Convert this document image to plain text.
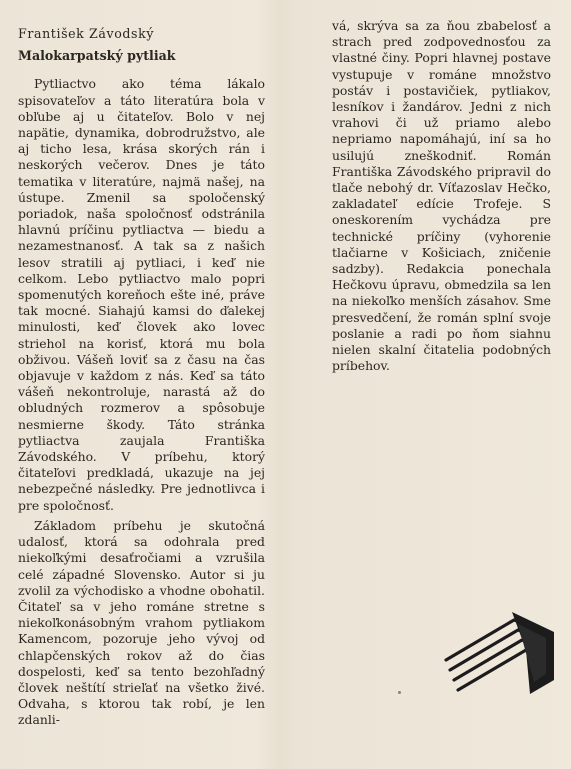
František Závodský

Malokarpatský pytliak

Pytliactvo ako téma lákalo spisovateľov a táto literatúra bola v obľube aj u čitateľov. Bolo v nej napätie, dynamika, dobrodružstvo, ale aj ticho lesa, krása skorých rán i neskorých večerov. Dnes je táto tematika v literatúre, najmä našej, na ústupe. Zmenil sa spoločenský poriadok, naša spoločnosť odstránila hlavnú príčinu pytliactva — biedu a nezamestnanosť. A tak sa z našich lesov stratili aj pytliaci, i keď nie celkom. Lebo pytliactvo malo popri spomenutých koreňoch ešte iné, práve tak mocné. Siahajú kamsi do ďalekej minulosti, keď človek ako lovec striehol na korisť, ktorá mu bola obživou. Vášeň loviť sa z času na čas objavuje v každom z nás. Keď sa táto vášeň nekontroluje, narastá až do obludných rozmerov a spôsobuje nesmierne škody. Táto stránka pytliactva zaujala Františka Závodského. V príbehu, ktorý čitateľovi predkladá, ukazuje na jej nebezpečné následky. Pre jednotlivca i pre spoločnosť.

Základom príbehu je skutočná udalosť, ktorá sa odohrala pred niekoľkými desaťročiami a vzrušila celé západné Slovensko. Autor si ju zvolil za východisko a vhodne obohatil. Čitateľ sa v jeho románe stretne s niekoľkonásobným vrahom pytliakom Kamencom, pozoruje jeho vývoj od chlapčenských rokov až do čias dospelosti, keď sa tento bezohľadný človek neštítí strieľať na všetko živé. Odvaha, s ktorou tak robí, je len zdanli-

vá, skrýva sa za ňou zbabelosť a strach pred zodpovednosťou za vlastné činy. Popri hlavnej postave vystupuje v románe množstvo postáv i postavičiek, pytliakov, lesníkov i žandárov. Jedni z nich vrahovi či už priamo alebo nepriamo napomáhajú, iní sa ho usilujú zneškodniť. Román Františka Závodského pripravil do tlače nebohý dr. Víťazoslav Hečko, zakladateľ edície Trofeje. S oneskorením vychádza pre technické príčiny (vyhorenie tlačiarne v Košiciach, zničenie sadzby). Redakcia ponechala Hečkovu úpravu, obmedzila sa len na niekoľko menších zásahov. Sme presvedčení, že román splní svoje poslanie a radi po ňom siahnu nielen skalní čitatelia podobných príbehov.
